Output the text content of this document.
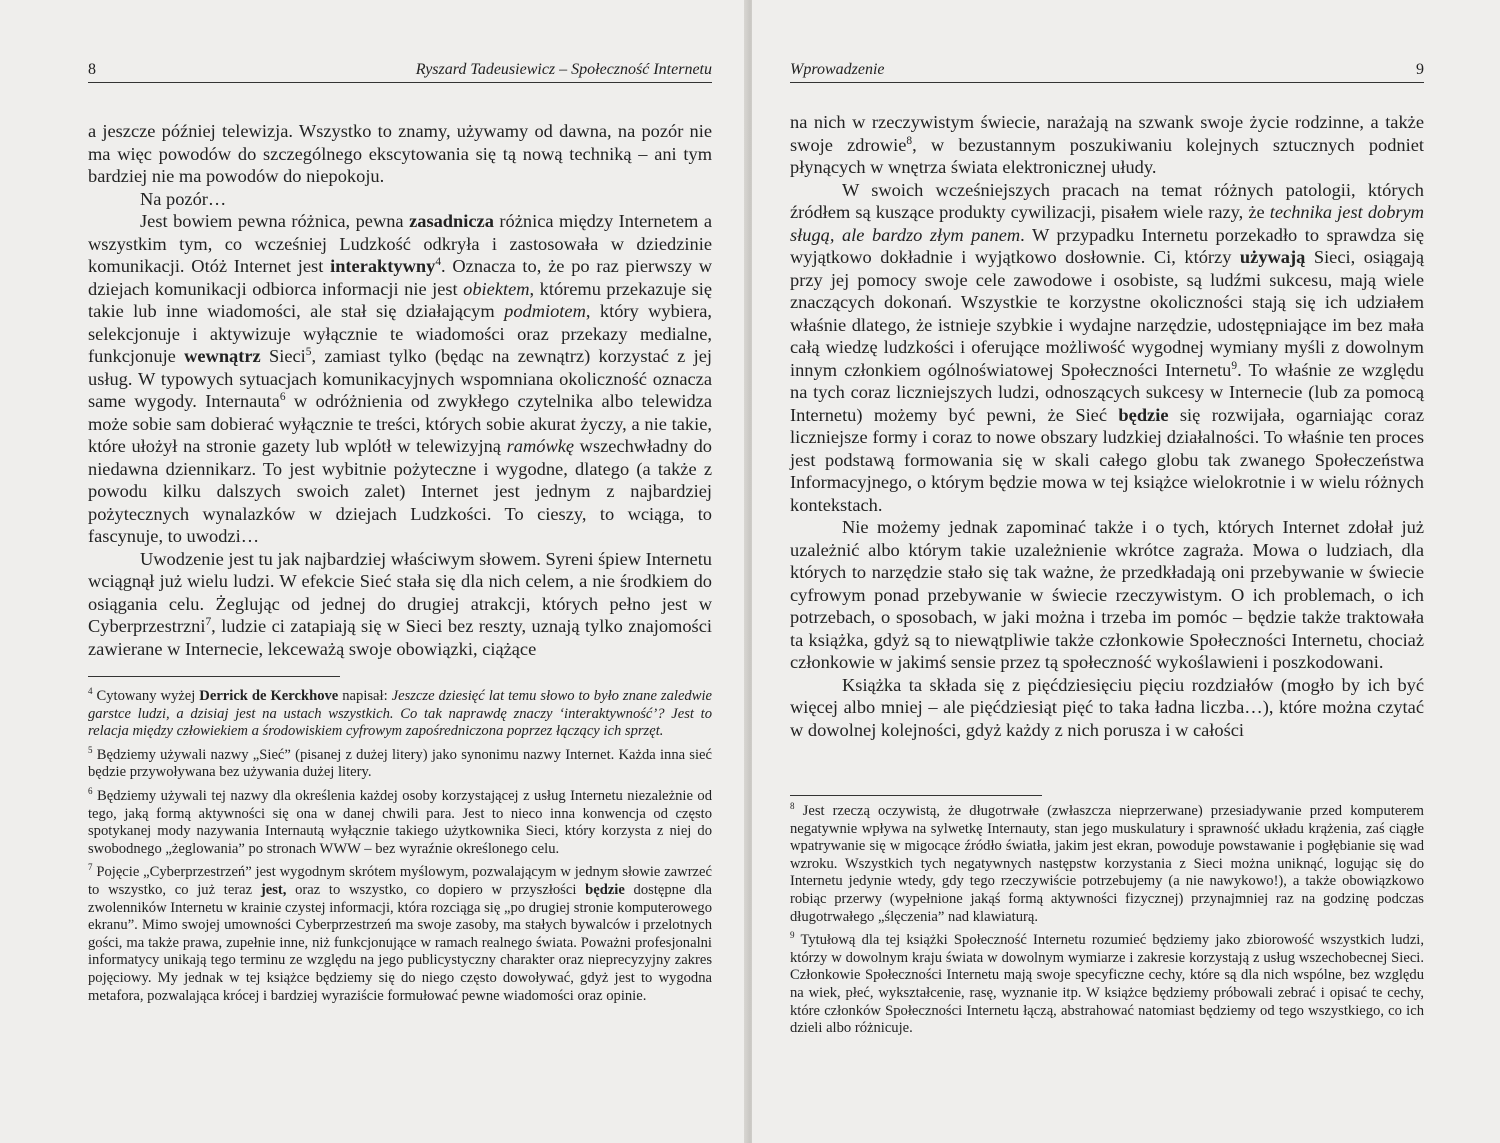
8	Ryszard Tadeusiewicz – Społeczność Internetu

a jeszcze później telewizja. Wszystko to znamy, używamy od dawna, na pozór nie ma więc powodów do szczególnego ekscytowania się tą nową techniką – ani tym bardziej nie ma powodów do niepokoju.

Na pozór…

Jest bowiem pewna różnica, pewna zasadnicza różnica między Internetem a wszystkim tym, co wcześniej Ludzkość odkryła i zastosowała w dziedzinie komunikacji. Otóż Internet jest interaktywny$^4$. Oznacza to, że po raz pierwszy w dziejach komunikacji odbiorca informacji nie jest obiektem, któremu przekazuje się takie lub inne wiadomości, ale stał się działającym podmiotem, który wybiera, selekcjonuje i aktywizuje wyłącznie te wiadomości oraz przekazy medialne, funkcjonuje wewnątrz Sieci$^5$, zamiast tylko (będąc na zewnątrz) korzystać z jej usług. W typowych sytuacjach komunikacyjnych wspomniana okoliczność oznacza same wygody. Internauta$^6$ w odróżnienia od zwykłego czytelnika albo telewidza może sobie sam dobierać wyłącznie te treści, których sobie akurat życzy, a nie takie, które ułożył na stronie gazety lub wplótł w telewizyjną ramówkę wszechwładny do niedawna dziennikarz. To jest wybitnie pożyteczne i wygodne, dlatego (a także z powodu kilku dalszych swoich zalet) Internet jest jednym z najbardziej pożytecznych wynalazków w dziejach Ludzkości. To cieszy, to wciąga, to fascynuje, to uwodzi…

Uwodzenie jest tu jak najbardziej właściwym słowem. Syreni śpiew Internetu wciągnął już wielu ludzi. W efekcie Sieć stała się dla nich celem, a nie środkiem do osiągania celu. Żeglując od jednej do drugiej atrakcji, których pełno jest w Cyberprzestrzni$^7$, ludzie ci zatapiają się w Sieci bez reszty, uznają tylko znajomości zawierane w Internecie, lekceważą swoje obowiązki, ciążące

$^4$ Cytowany wyżej Derrick de Kerckhove napisał: Jeszcze dziesięć lat temu słowo to było znane zaledwie garstce ludzi, a dzisiaj jest na ustach wszystkich. Co tak naprawdę znaczy ‘interaktywność’? Jest to relacja między człowiekiem a środowiskiem cyfrowym zapośredniczona poprzez łączący ich sprzęt.

$^5$ Będziemy używali nazwy „Sieć” (pisanej z dużej litery) jako synonimu nazwy Internet. Każda inna sieć będzie przywoływana bez używania dużej litery.

$^6$ Będziemy używali tej nazwy dla określenia każdej osoby korzystającej z usług Internetu niezależnie od tego, jaką formą aktywności się ona w danej chwili para. Jest to nieco inna konwencja od często spotykanej mody nazywania Internautą wyłącznie takiego użytkownika Sieci, który korzysta z niej do swobodnego „żeglowania” po stronach WWW – bez wyraźnie określonego celu.

$^7$ Pojęcie „Cyberprzestrzeń” jest wygodnym skrótem myślowym, pozwalającym w jednym słowie zawrzeć to wszystko, co już teraz jest, oraz to wszystko, co dopiero w przyszłości będzie dostępne dla zwolenników Internetu w krainie czystej informacji, która rozciąga się „po drugiej stronie komputerowego ekranu”. Mimo swojej umowności Cyberprzestrzeń ma swoje zasoby, ma stałych bywalców i przelotnych gości, ma także prawa, zupełnie inne, niż funkcjonujące w ramach realnego świata. Poważni profesjonalni informatycy unikają tego terminu ze względu na jego publicystyczny charakter oraz nieprecyzyjny zakres pojęciowy. My jednak w tej książce będziemy się do niego często dowoływać, gdyż jest to wygodna metafora, pozwalająca krócej i bardziej wyraziście formułować pewne wiadomości oraz opinie.

Wprowadzenie	9

na nich w rzeczywistym świecie, narażają na szwank swoje życie rodzinne, a także swoje zdrowie$^8$, w bezustannym poszukiwaniu kolejnych sztucznych podniet płynących w wnętrza świata elektronicznej ułudy.

W swoich wcześniejszych pracach na temat różnych patologii, których źródłem są kuszące produkty cywilizacji, pisałem wiele razy, że technika jest dobrym sługą, ale bardzo złym panem. W przypadku Internetu porzekadło to sprawdza się wyjątkowo dokładnie i wyjątkowo dosłownie. Ci, którzy używają Sieci, osiągają przy jej pomocy swoje cele zawodowe i osobiste, są ludźmi sukcesu, mają wiele znaczących dokonań. Wszystkie te korzystne okoliczności stają się ich udziałem właśnie dlatego, że istnieje szybkie i wydajne narzędzie, udostępniające im bez mała całą wiedzę ludzkości i oferujące możliwość wygodnej wymiany myśli z dowolnym innym członkiem ogólnoświatowej Społeczności Internetu$^9$. To właśnie ze względu na tych coraz liczniejszych ludzi, odnoszących sukcesy w Internecie (lub za pomocą Internetu) możemy być pewni, że Sieć będzie się rozwijała, ogarniając coraz liczniejsze formy i coraz to nowe obszary ludzkiej działalności. To właśnie ten proces jest podstawą formowania się w skali całego globu tak zwanego Społeczeństwa Informacyjnego, o którym będzie mowa w tej książce wielokrotnie i w wielu różnych kontekstach.

Nie możemy jednak zapominać także i o tych, których Internet zdołał już uzależnić albo którym takie uzależnienie wkrótce zagraża. Mowa o ludziach, dla których to narzędzie stało się tak ważne, że przedkładają oni przebywanie w świecie cyfrowym ponad przebywanie w świecie rzeczywistym. O ich problemach, o ich potrzebach, o sposobach, w jaki można i trzeba im pomóc – będzie także traktowała ta książka, gdyż są to niewątpliwie także członkowie Społeczności Internetu, chociaż członkowie w jakimś sensie przez tą społeczność wykoślawieni i poszkodowani.

Książka ta składa się z pięćdziesięciu pięciu rozdziałów (mogło by ich być więcej albo mniej – ale pięćdziesiąt pięć to taka ładna liczba…), które można czytać w dowolnej kolejności, gdyż każdy z nich porusza i w całości

$^8$ Jest rzeczą oczywistą, że długotrwałe (zwłaszcza nieprzerwane) przesiadywanie przed komputerem negatywnie wpływa na sylwetkę Internauty, stan jego muskulatury i sprawność układu krążenia, zaś ciągłe wpatrywanie się w migocące źródło światła, jakim jest ekran, powoduje powstawanie i pogłębianie się wad wzroku. Wszystkich tych negatywnych następstw korzystania z Sieci można uniknąć, logując się do Internetu jedynie wtedy, gdy tego rzeczywiście potrzebujemy (a nie nawykowo!), a także obowiązkowo robiąc przerwy (wypełnione jakąś formą aktywności fizycznej) przynajmniej raz na godzinę podczas długotrwałego „ślęczenia” nad klawiaturą.

$^9$ Tytułową dla tej książki Społeczność Internetu rozumieć będziemy jako zbiorowość wszystkich ludzi, którzy w dowolnym kraju świata w dowolnym wymiarze i zakresie korzystają z usług wszechobecnej Sieci. Członkowie Społeczności Internetu mają swoje specyficzne cechy, które są dla nich wspólne, bez względu na wiek, płeć, wykształcenie, rasę, wyznanie itp. W książce będziemy próbowali zebrać i opisać te cechy, które członków Społeczności Internetu łączą, abstrahować natomiast będziemy od tego wszystkiego, co ich dzieli albo różnicuje.
